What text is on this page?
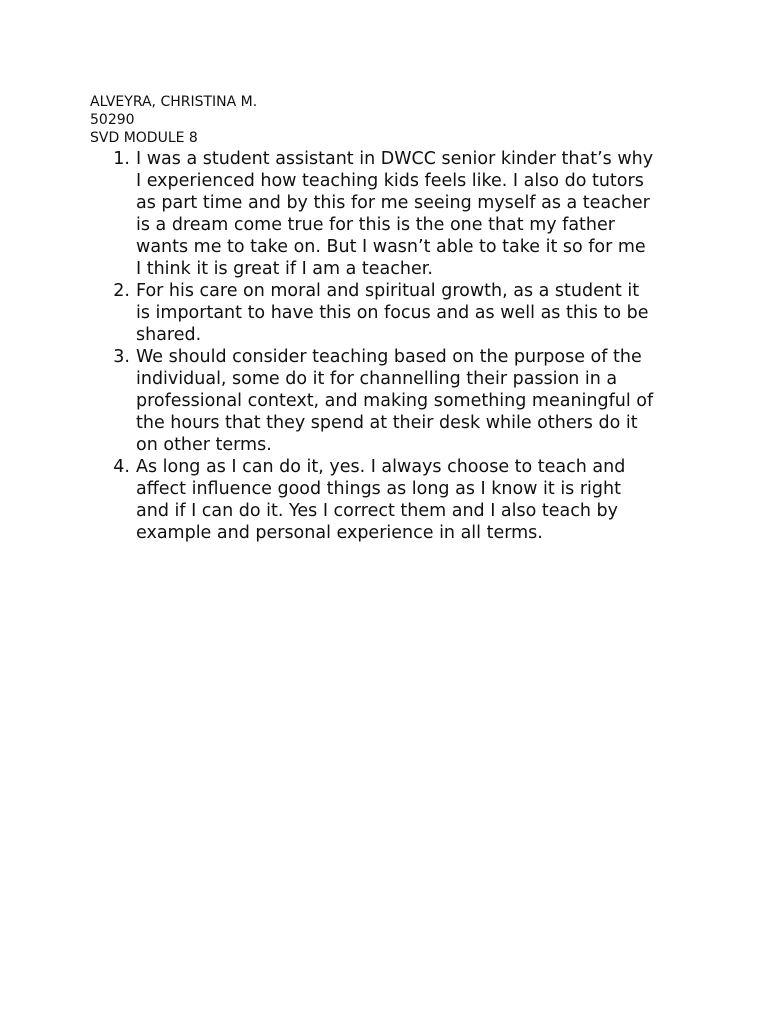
ALVEYRA, CHRISTINA M.
50290
SVD MODULE 8
1. I was a student assistant in DWCC senior kinder that’s why
I experienced how teaching kids feels like. I also do tutors
as part time and by this for me seeing myself as a teacher
is a dream come true for this is the one that my father
wants me to take on. But I wasn’t able to take it so for me
I think it is great if I am a teacher.
2. For his care on moral and spiritual growth, as a student it
is important to have this on focus and as well as this to be
shared.
3. We should consider teaching based on the purpose of the
individual, some do it for channelling their passion in a
professional context, and making something meaningful of
the hours that they spend at their desk while others do it
on other terms.
4. As long as I can do it, yes. I always choose to teach and
affect influence good things as long as I know it is right
and if I can do it. Yes I correct them and I also teach by
example and personal experience in all terms.
